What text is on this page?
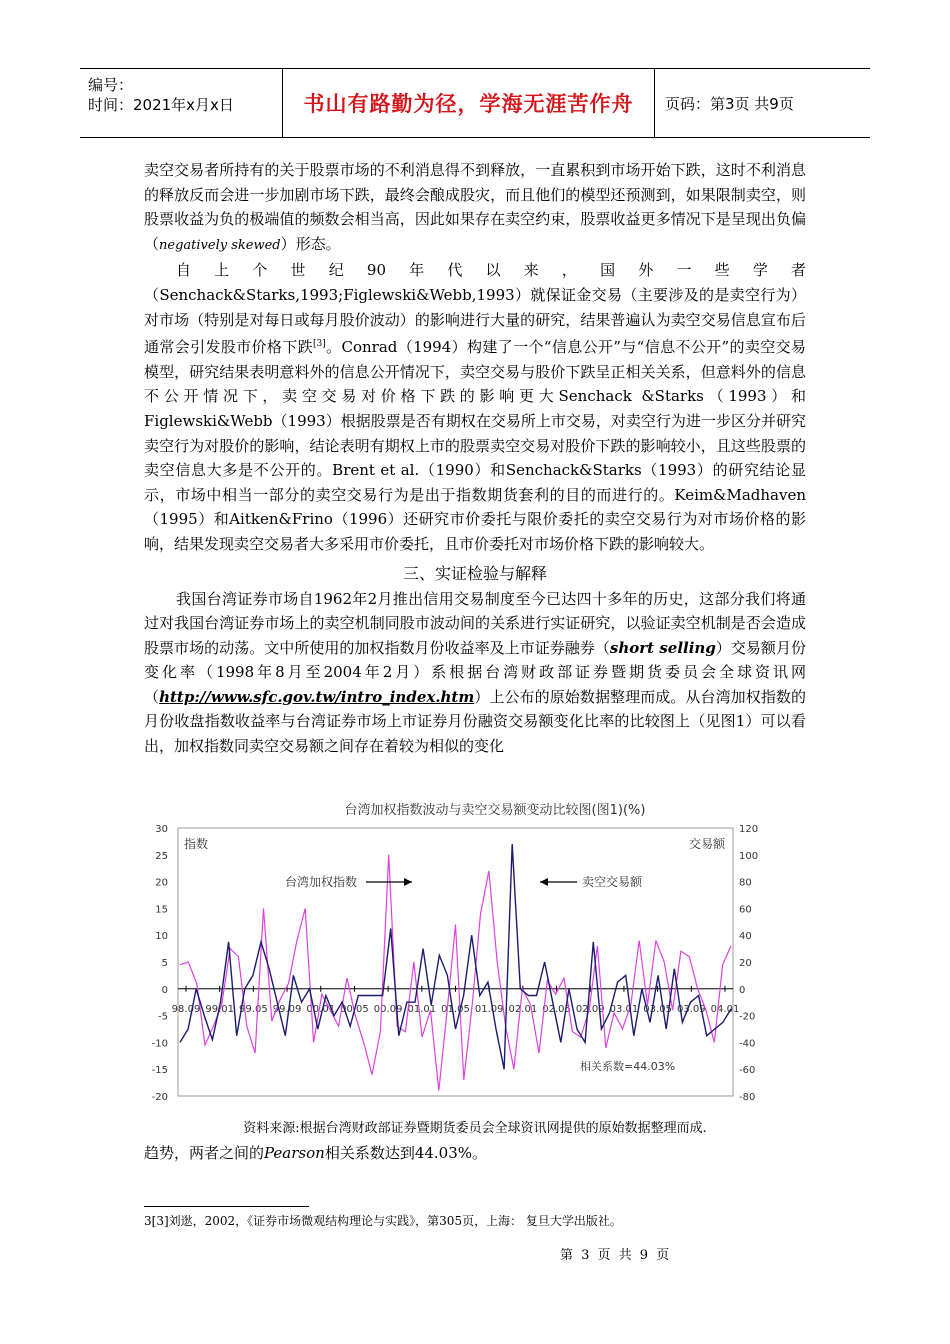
编号：
时间：2021年x月x日	书山有路勤为径，学海无涯苦作舟	页码：第3页 共9页

卖空交易者所持有的关于股票市场的不利消息得不到释放，一直累积到市场开始下跌，这时不利消息的释放反而会进一步加剧市场下跌，最终会酿成股灾，而且他们的模型还预测到，如果限制卖空，则股票收益为负的极端值的频数会相当高，因此如果存在卖空约束，股票收益更多情况下是呈现出负偏（negatively skewed）形态。

自上个世纪90年代以来，国外一些学者

（Senchack&Starks,1993;Figlewski&Webb,1993）就保证金交易（主要涉及的是卖空行为）对市场（特别是对每日或每月股价波动）的影响进行大量的研究，结果普遍认为卖空交易信息宣布后通常会引发股市价格下跌[3]。Conrad（1994）构建了一个“信息公开”与“信息不公开”的卖空交易模型，研究结果表明意料外的信息公开情况下，卖空交易与股价下跌呈正相关关系，但意料外的信息不公开情况下，卖空交易对价格下跌的影响更大Senchack &Starks（1993）和Figlewski&Webb（1993）根据股票是否有期权在交易所上市交易，对卖空行为进一步区分并研究卖空行为对股价的影响，结论表明有期权上市的股票卖空交易对股价下跌的影响较小，且这些股票的卖空信息大多是不公开的。Brent et al.（1990）和Senchack&Starks（1993）的研究结论显示，市场中相当一部分的卖空交易行为是出于指数期货套利的目的而进行的。Keim&Madhaven（1995）和Aitken&Frino（1996）还研究市价委托与限价委托的卖空交易行为对市场价格的影响，结果发现卖空交易者大多采用市价委托，且市价委托对市场价格下跌的影响较大。

三、实证检验与解释

我国台湾证券市场自1962年2月推出信用交易制度至今已达四十多年的历史，这部分我们将通过对我国台湾证券市场上的卖空机制同股市波动间的关系进行实证研究，以验证卖空机制是否会造成股票市场的动荡。文中所使用的加权指数月份收益率及上市证券融券（short selling）交易额月份变化率（1998年8月至2004年2月）系根据台湾财政部证券暨期货委员会全球资讯网（http://www.sfc.gov.tw/intro_index.htm）上公布的原始数据整理而成。从台湾加权指数的月份收盘指数收益率与台湾证券市场上市证券月份融资交易额变化比率的比较图上（见图1）可以看出，加权指数同卖空交易额之间存在着较为相似的变化

台湾加权指数波动与卖空交易额变动比较图(图1)(%)
30
25
20
15
10
5
0
-5
-10
-15
-20
120
100
80
60
40
20
0
-20
-40
-60
-80
98.09 99.01 99.05 99.09 00.01 00.05 00.09 01.01 01.05 01.09 02.01 02.05 02.09 03.01 03.05 03.09 04.01
指数	交易额
台湾加权指数	卖空交易额
相关系数=44.03%
资料来源:根据台湾财政部证券暨期货委员会全球资讯网提供的原始数据整理而成.
趋势，两者之间的Pearson相关系数达到44.03%。
3[3]刘逖，2002，《证券市场微观结构理论与实践》，第305页，上海： 复旦大学出版社。
第 3 页 共 9 页
